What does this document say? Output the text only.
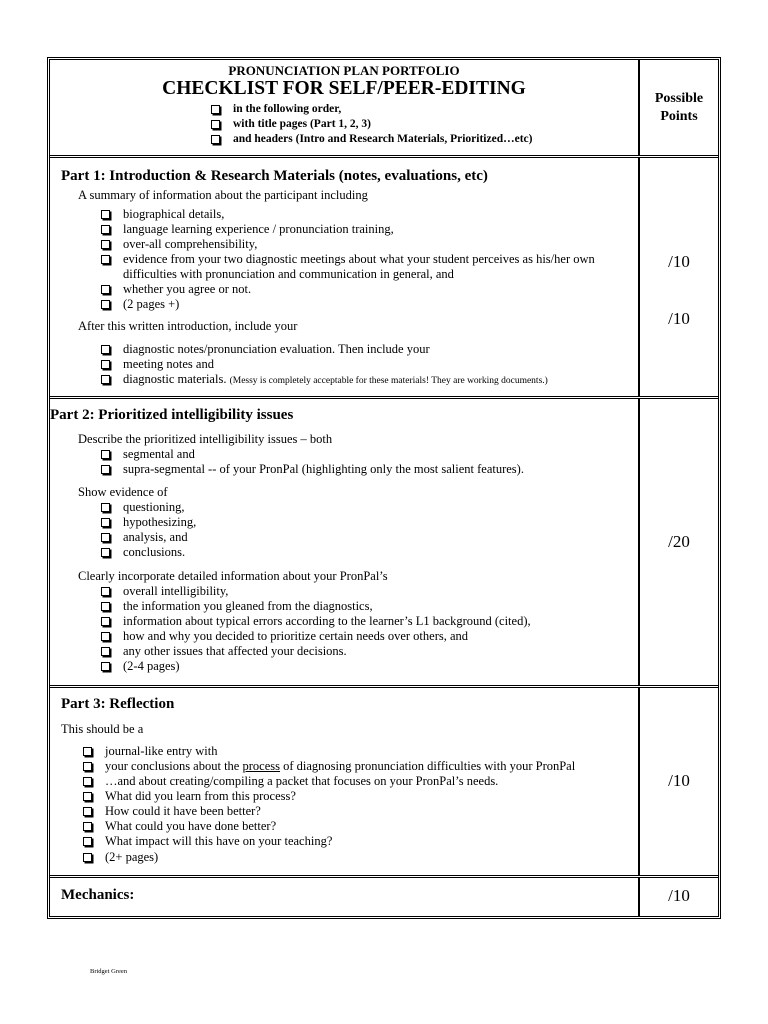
PRONUNCIATION PLAN PORTFOLIO
CHECKLIST FOR SELF/PEER-EDITING
in the following order,
with title pages (Part 1, 2, 3)
and headers (Intro and Research Materials, Prioritized…etc)
Possible
Points
Part 1: Introduction & Research Materials (notes, evaluations, etc)
A summary of information about the participant including
biographical details,
language learning experience / pronunciation training,
over-all comprehensibility,
evidence from your two diagnostic meetings about what your student perceives as his/her own
difficulties with pronunciation and communication in general, and
whether you agree or not.
(2 pages +)
After this written introduction, include your
diagnostic notes/pronunciation evaluation. Then include your
meeting notes and
diagnostic materials. (Messy is completely acceptable for these materials! They are working documents.)
/10
/10
Part 2: Prioritized intelligibility issues
Describe the prioritized intelligibility issues – both
segmental and
supra-segmental -- of your PronPal (highlighting only the most salient features).
Show evidence of
questioning,
hypothesizing,
analysis, and
conclusions.
Clearly incorporate detailed information about your PronPal’s
overall intelligibility,
the information you gleaned from the diagnostics,
information about typical errors according to the learner’s L1 background (cited),
how and why you decided to prioritize certain needs over others, and
any other issues that affected your decisions.
(2-4 pages)
/20
Part 3: Reflection
This should be a
journal-like entry with
your conclusions about the process of diagnosing pronunciation difficulties with your PronPal
…and about creating/compiling a packet that focuses on your PronPal’s needs.
What did you learn from this process?
How could it have been better?
What could you have done better?
What impact will this have on your teaching?
(2+ pages)
/10
Mechanics:	/10
Bridget Green
